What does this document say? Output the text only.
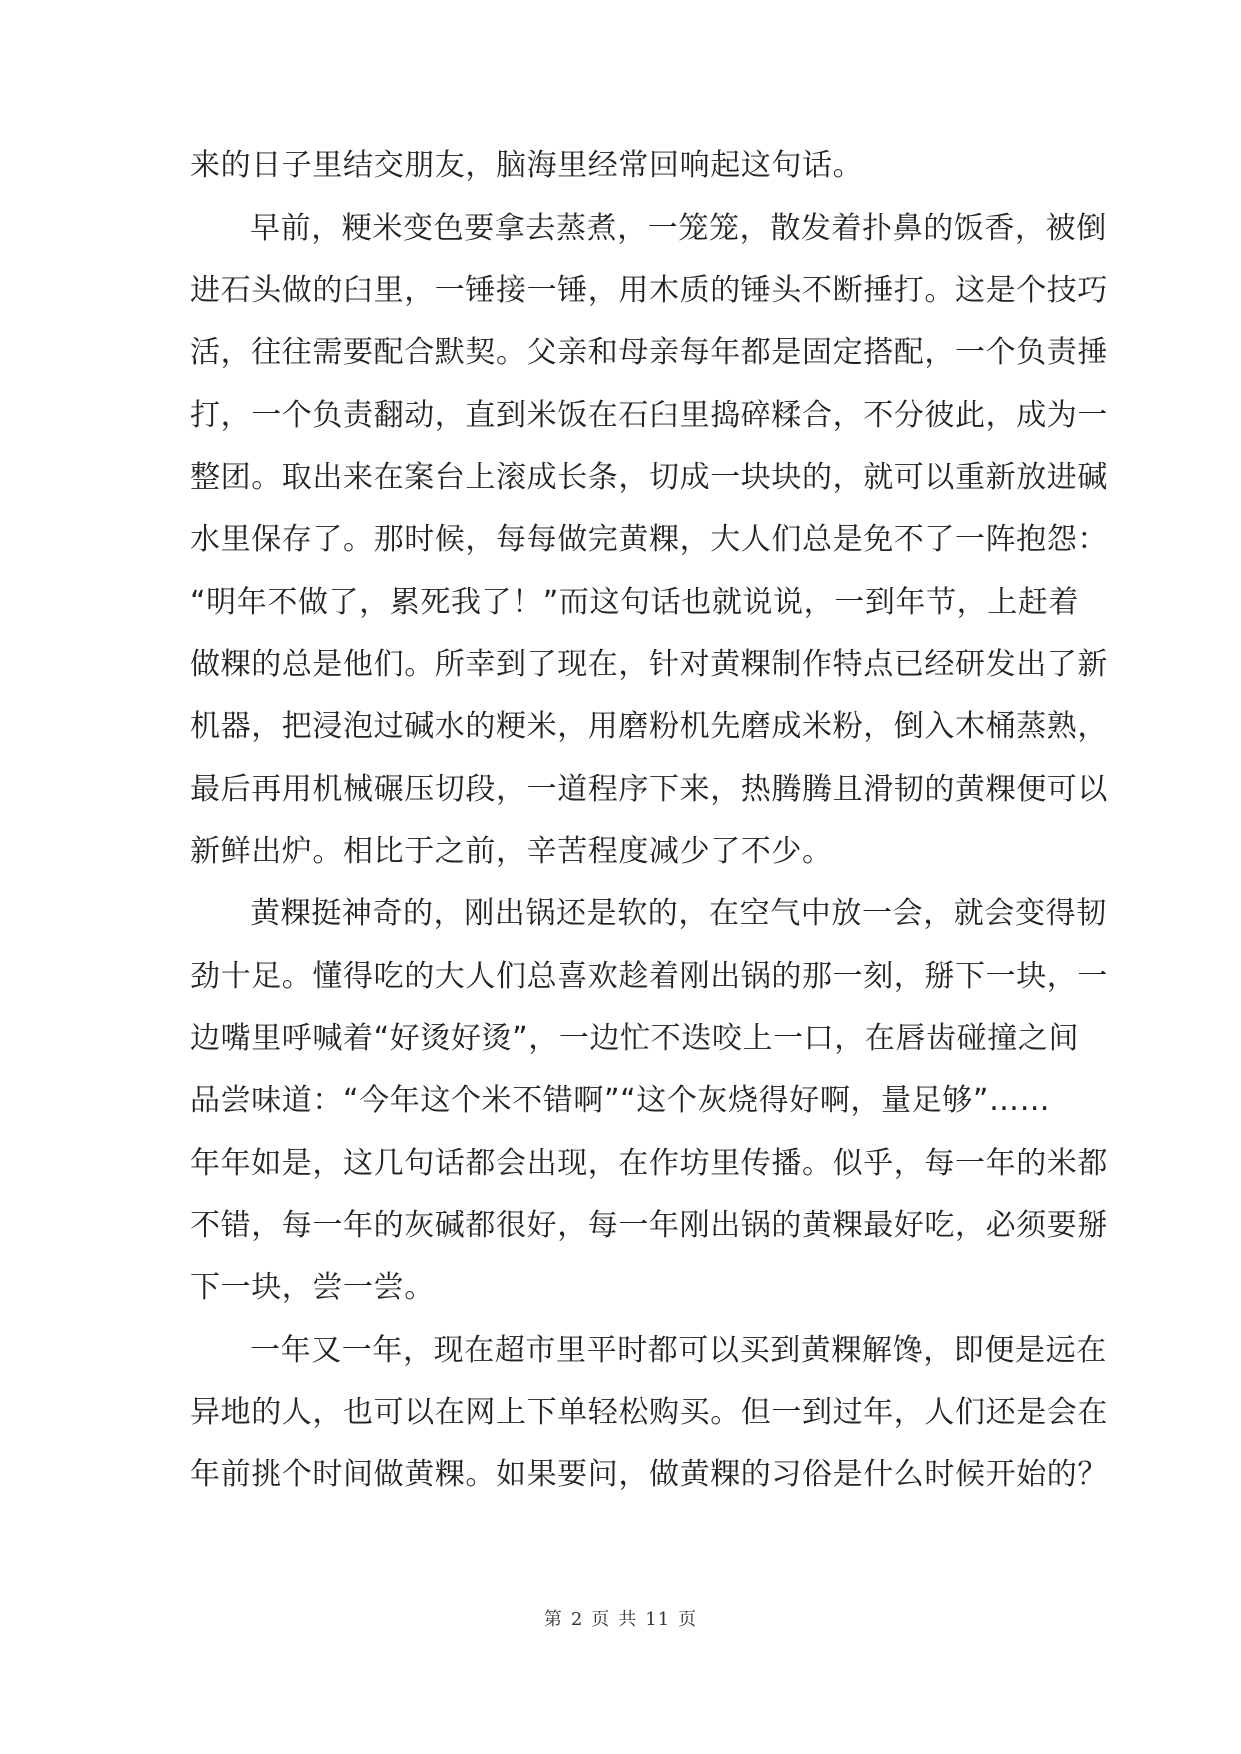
来的日子里结交朋友，脑海里经常回响起这句话。
早前，粳米变色要拿去蒸煮，一笼笼，散发着扑鼻的饭香，被倒
进石头做的臼里，一锤接一锤，用木质的锤头不断捶打。这是个技巧
活，往往需要配合默契。父亲和母亲每年都是固定搭配，一个负责捶
打，一个负责翻动，直到米饭在石臼里捣碎糅合，不分彼此，成为一
整团。取出来在案台上滚成长条，切成一块块的，就可以重新放进碱
水里保存了。那时候，每每做完黄粿，大人们总是免不了一阵抱怨：
“明年不做了，累死我了！”而这句话也就说说，一到年节，上赶着
做粿的总是他们。所幸到了现在，针对黄粿制作特点已经研发出了新
机器，把浸泡过碱水的粳米，用磨粉机先磨成米粉，倒入木桶蒸熟，
最后再用机械碾压切段，一道程序下来，热腾腾且滑韧的黄粿便可以
新鲜出炉。相比于之前，辛苦程度减少了不少。
黄粿挺神奇的，刚出锅还是软的，在空气中放一会，就会变得韧
劲十足。懂得吃的大人们总喜欢趁着刚出锅的那一刻，掰下一块，一
边嘴里呼喊着“好烫好烫”，一边忙不迭咬上一口，在唇齿碰撞之间
品尝味道：“今年这个米不错啊”“这个灰烧得好啊，量足够”……
年年如是，这几句话都会出现，在作坊里传播。似乎，每一年的米都
不错，每一年的灰碱都很好，每一年刚出锅的黄粿最好吃，必须要掰
下一块，尝一尝。
一年又一年，现在超市里平时都可以买到黄粿解馋，即便是远在
异地的人，也可以在网上下单轻松购买。但一到过年，人们还是会在
年前挑个时间做黄粿。如果要问，做黄粿的习俗是什么时候开始的？
第 2 页 共 11 页
